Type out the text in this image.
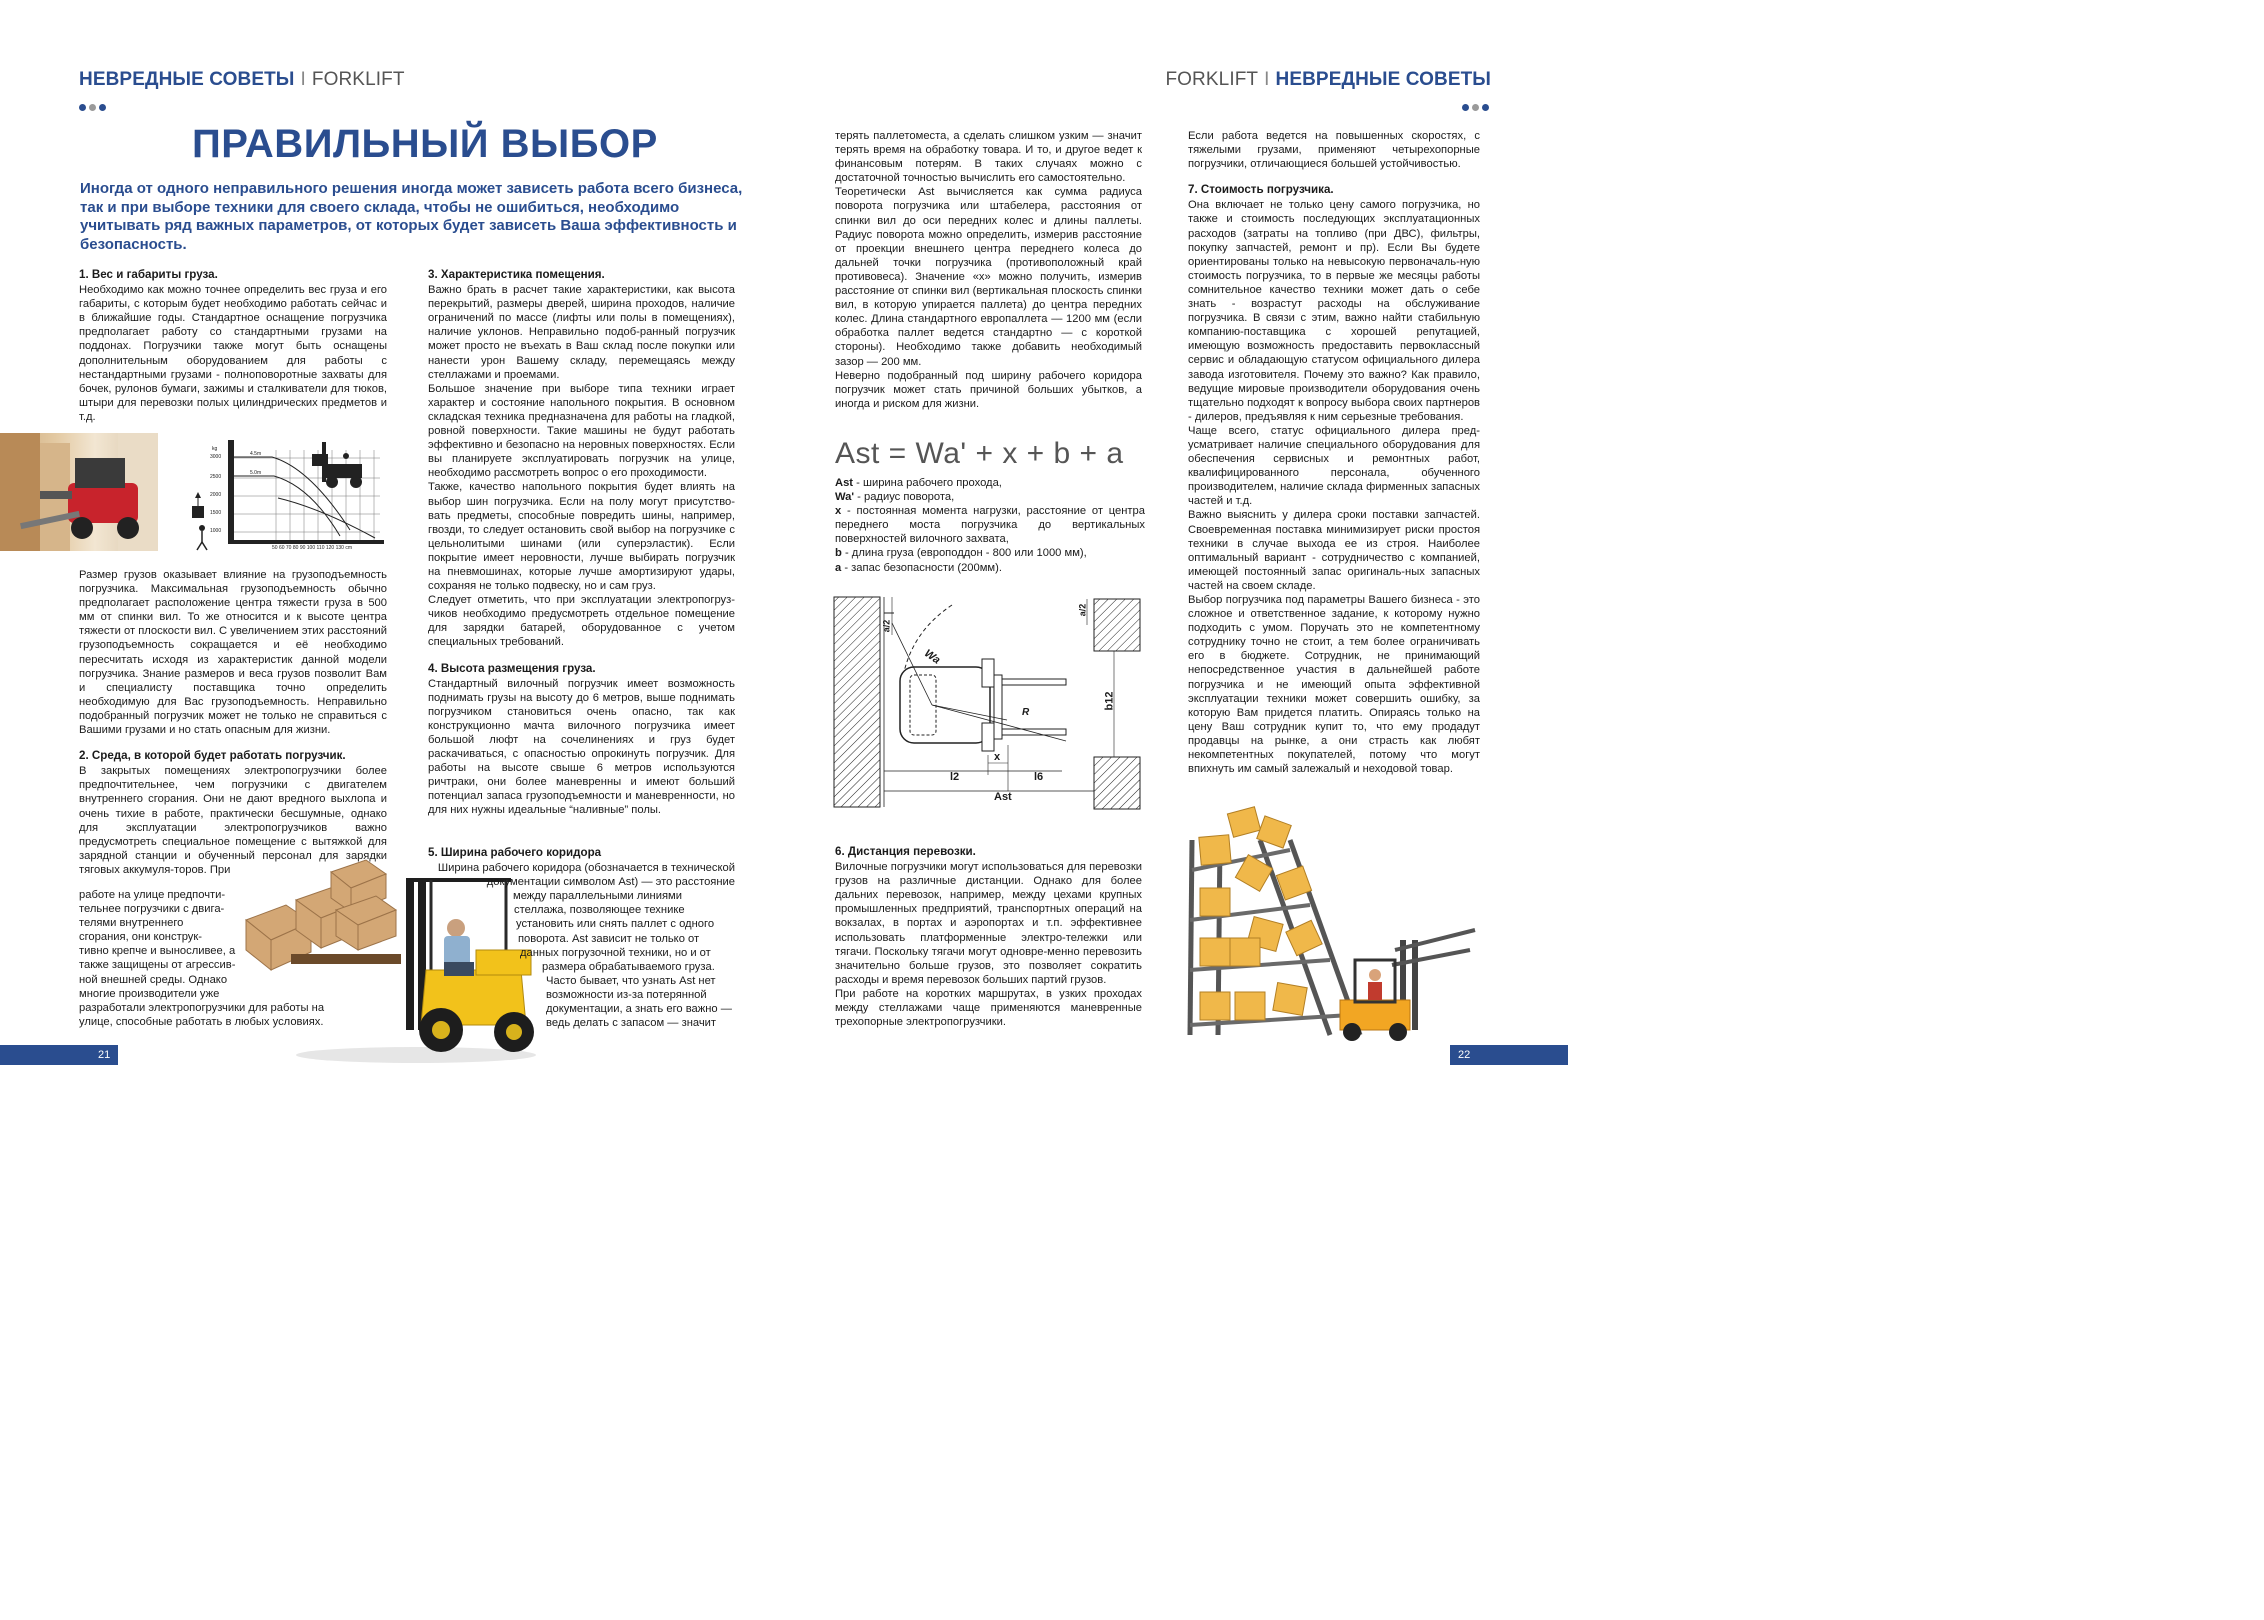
НЕВРЕДНЫЕ СОВЕТЫ I FORKLIFT	FORKLIFT I НЕВРЕДНЫЕ СОВЕТЫ
ПРАВИЛЬНЫЙ ВЫБОР
Иногда от одного неправильного решения иногда может зависеть работа всего бизнеса, так и при выборе техники для своего склада, чтобы не ошибиться, необходимо учитывать ряд важных параметров, от которых будет зависеть Ваша эффективность и безопасность.
1. Вес и габариты груза.

Необходимо как можно точнее определить вес груза и его габариты, с которым будет необходимо работать сейчас и в ближайшие годы. Стандартное оснащение погрузчика предполагает работу со стандартными грузами на поддонах. Погрузчики также могут быть оснащены дополнительным оборудованием для работы с нестандартными грузами - полноповоротные захваты для бочек, рулонов бумаги, зажимы и сталкиватели для тюков, штыри для перевозки полых цилиндрических предметов и т.д.

3000
2500
2000
1500
1000
kg
4.5m
5.0m
50 60 70 80 90 100 110 120 130 cm

Размер грузов оказывает влияние на грузоподъемность погрузчика. Максимальная грузоподъемность обычно предполагает расположение центра тяжести груза в 500 мм от спинки вил. То же относится и к высоте центра тяжести от плоскости вил. С увеличением этих расстояний грузоподъемность сокращается и её необходимо пересчитать исходя из характеристик данной модели погрузчика. Знание размеров и веса грузов позволит Вам и специалисту поставщика точно определить необходимую для Вас грузоподъемность. Неправильно подобранный погрузчик может не только не справиться с Вашими грузами и но стать опасным для жизни.

2. Среда, в которой будет работать погрузчик.

В закрытых помещениях электропогрузчики более предпочтительнее, чем погрузчики с двигателем внутреннего сгорания. Они не дают вредного выхлопа и очень тихие в работе, практически бесшумные, однако для эксплуатации электропогрузчиков важно предусмотреть специальное помещение с вытяжкой для зарядной станции и обученный персонал для зарядки тяговых аккумуля-торов. При

работе на улице предпочти-

тельнее погрузчики с двига-

телями внутреннего

сгорания, они конструк-

тивно крепче и выносливее, а

также защищены от агрессив-

ной внешней среды. Однако

многие производители уже

разработали электропогрузчики для работы на

улице, способные работать в любых условиях.

3. Характеристика помещения.

Важно брать в расчет такие характеристики, как высота перекрытий, размеры дверей, ширина проходов, наличие ограничений по массе (лифты или полы в помещениях), наличие уклонов. Неправильно подоб-ранный погрузчик может просто не въехать в Ваш склад после покупки или нанести урон Вашему складу, перемещаясь между стеллажами и проемами.

Большое значение при выборе типа техники играет характер и состояние напольного покрытия. В основном складская техника предназначена для работы на гладкой, ровной поверхности. Такие машины не будут работать эффективно и безопасно на неровных поверхностях. Если вы планируете эксплуатировать погрузчик на улице, необходимо рассмотреть вопрос о его проходимости.

Также, качество напольного покрытия будет влиять на выбор шин погрузчика. Если на полу могут присутство-вать предметы, способные повредить шины, например, гвозди, то следует остановить свой выбор на погрузчике с цельнолитыми шинами (или суперэластик). Если покрытие имеет неровности, лучше выбирать погрузчик на пневмошинах, которые лучше амортизируют удары, сохраняя не только подвеску, но и сам груз.

Следует отметить, что при эксплуатации электропогруз-чиков необходимо предусмотреть отдельное помещение для зарядки батарей, оборудованное с учетом специальных требований.

4. Высота размещения груза.

Стандартный вилочный погрузчик имеет возможность поднимать грузы на высоту до 6 метров, выше поднимать погрузчиком становиться очень опасно, так как конструкционно мачта вилочного погрузчика имеет большой люфт на сочелинениях и груз будет раскачиваться, с опасностью опрокинуть погрузчик. Для работы на высоте свыше 6 метров используются ричтраки, они более маневренны и имеют больший потенциал запаса грузоподъемности и маневренности, но для них нужны идеальные “наливные” полы.

5. Ширина рабочего коридора

Ширина рабочего коридора (обозначается в технической

документации символом Ast) — это расстояние

между параллельными линиями

стеллажа, позволяющее технике

установить или снять паллет с одного

поворота. Ast зависит не только от

данных погрузочной техники, но и от

размера обрабатываемого груза.

Часто бывает, что узнать Ast нет

возможности из-за потерянной

документации, а знать его важно —

ведь делать с запасом — значит

терять паллетоместа, а сделать слишком узким — значит терять время на обработку товара. И то, и другое ведет к финансовым потерям. В таких случаях можно с достаточной точностью вычислить его самостоятельно.

Теоретически Ast вычисляется как сумма радиуса поворота погрузчика или штабелера, расстояния от спинки вил до оси передних колес и длины паллеты. Радиус поворота можно определить, измерив расстояние от проекции внешнего центра переднего колеса до дальней точки погрузчика (противоположный край противовеса). Значение «х» можно получить, измерив расстояние от спинки вил (вертикальная плоскость спинки вил, в которую упирается паллета) до центра передних колес. Длина стандартного европаллета — 1200 мм (если обработка паллет ведется стандартно — с короткой стороны). Необходимо также добавить необходимый зазор — 200 мм.

Неверно подобранный под ширину рабочего коридора погрузчик может стать причиной больших убытков, а иногда и риском для жизни.

Ast = Wa' + x + b + a

Ast - ширина рабочего прохода,

Wa' - радиус поворота,

x - постоянная момента нагрузки, расстояние от центра переднего моста погрузчика до вертикальных поверхностей вилочного захвата,

b - длина груза (европоддон - 800 или 1000 мм),

a - запас безопасности (200мм).

a/2
a/2
Wa
R
b12
x
l2	l6
Ast
6. Дистанция перевозки.

Вилочные погрузчики могут использоваться для перевозки грузов на различные дистанции. Однако для более дальних перевозок, например, между цехами крупных промышленных предприятий, транспортных операций на вокзалах, в портах и аэропортах и т.п. эффективнее использовать платформенные электро-тележки или тягачи. Поскольку тягачи могут одновре-менно перевозить значительно больше грузов, это позволяет сократить расходы и время перевозок больших партий грузов.

При работе на коротких маршрутах, в узких проходах между стеллажами чаще применяются маневренные трехопорные электропогрузчики.

Если работа ведется на повышенных скоростях, с тяжелыми грузами, применяют четырехопорные погрузчики, отличающиеся большей устойчивостью.

7. Стоимость погрузчика.

Она включает не только цену самого погрузчика, но также и стоимость последующих эксплуатационных расходов (затраты на топливо (при ДВС), фильтры, покупку запчастей, ремонт и пр). Если Вы будете ориентированы только на невысокую первоначаль-ную стоимость погрузчика, то в первые же месяцы работы сомнительное качество техники может дать о себе знать - возрастут расходы на обслуживание погрузчика. В связи с этим, важно найти стабильную компанию-поставщика с хорошей репутацией, имеющую возможность предоставить первоклассный сервис и обладающую статусом официального дилера завода изготовителя. Почему это важно? Как правило, ведущие мировые производители оборудования очень тщательно подходят к вопросу выбора своих партнеров - дилеров, предъявляя к ним серьезные требования.

Чаще всего, статус официального дилера пред-усматривает наличие специального оборудования для обеспечения сервисных и ремонтных работ, квалифицированного персонала, обученного производителем, наличие склада фирменных запасных частей и т.д.

Важно выяснить у дилера сроки поставки запчастей. Своевременная поставка минимизирует риски простоя техники в случае выхода ее из строя. Наиболее оптимальный вариант - сотрудничество с компанией, имеющей постоянный запас оригиналь-ных запасных частей на своем складе.

Выбор погрузчика под параметры Вашего бизнеса - это сложное и ответственное задание, к которому нужно подходить с умом. Поручать это не компетентному сотруднику точно не стоит, а тем более ограничивать его в бюджете. Сотрудник, не принимающий непосредственное участия в дальнейшей работе погрузчика и не имеющий опыта эффективной эксплуатации техники может совершить ошибку, за которую Вам придется платить. Опираясь только на цену Ваш сотрудник купит то, что ему продадут продавцы на рынке, а они страсть как любят некомпетентных покупателей, потому что могут впихнуть им самый залежалый и неходовой товар.

21	22
